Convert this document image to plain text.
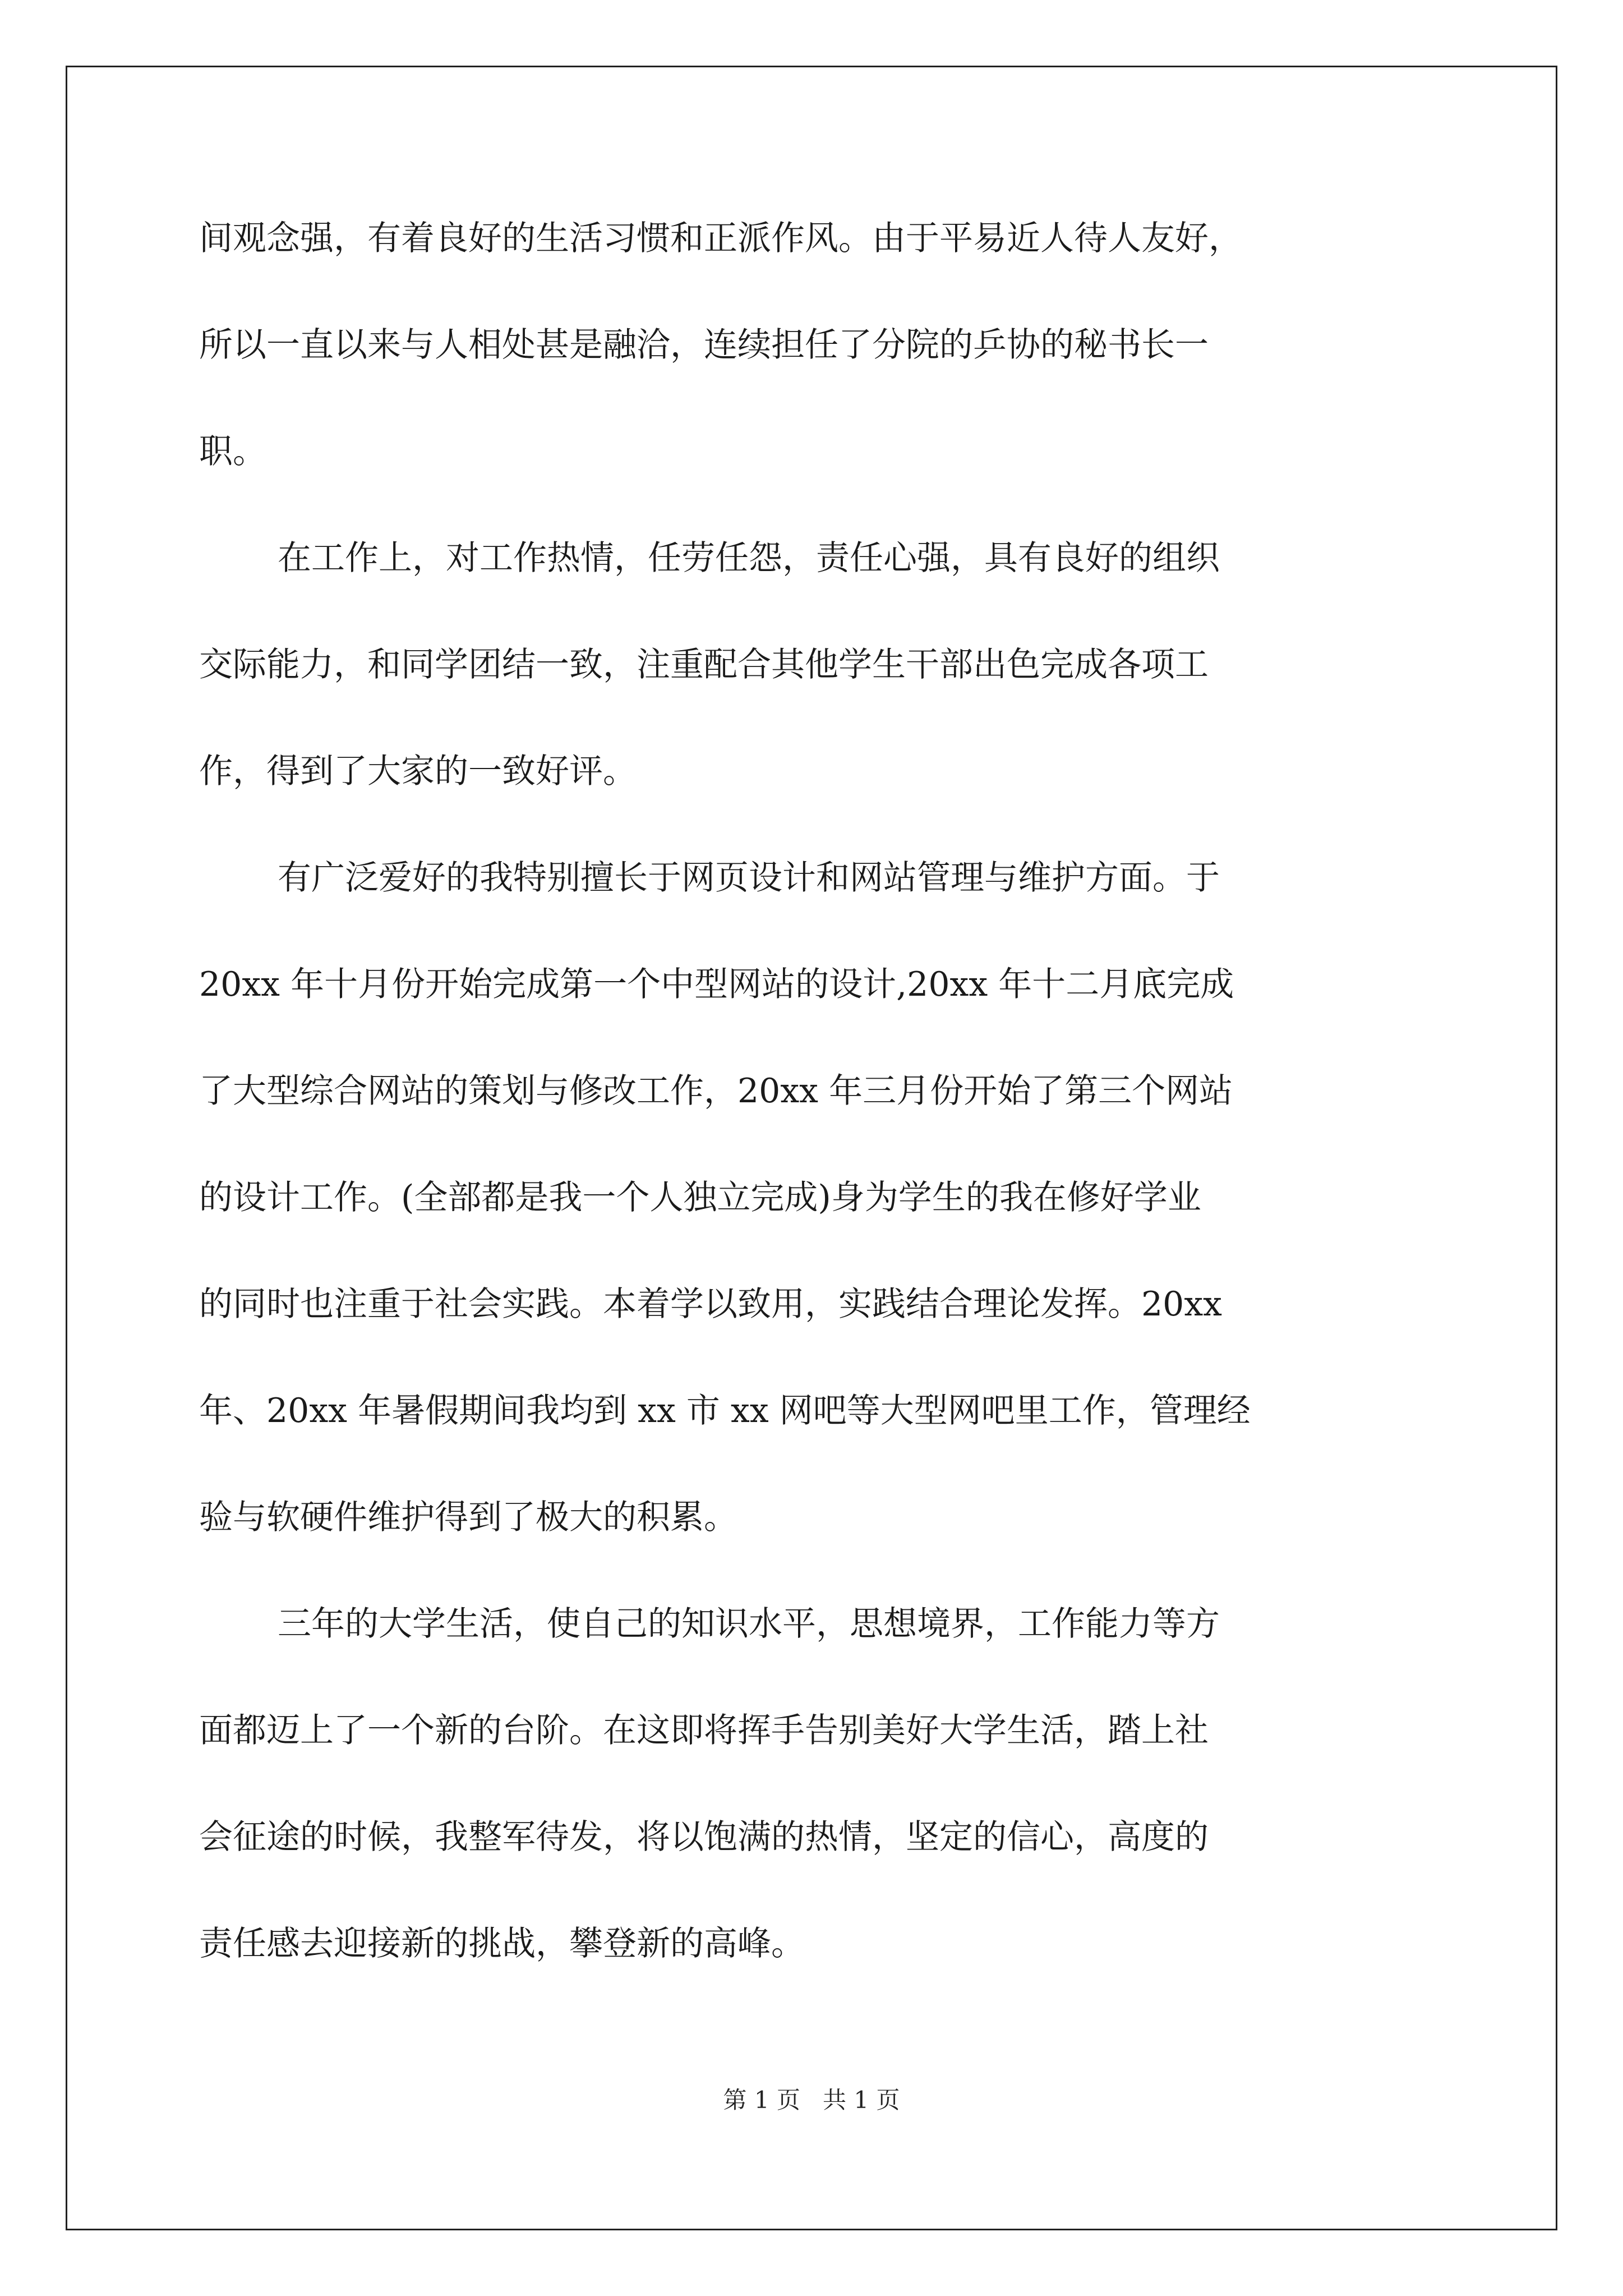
间观念强，有着良好的生活习惯和正派作风。由于平易近人待人友好，
所以一直以来与人相处甚是融洽，连续担任了分院的乒协的秘书长一
职。
在工作上，对工作热情，任劳任怨，责任心强，具有良好的组织
交际能力，和同学团结一致，注重配合其他学生干部出色完成各项工
作，得到了大家的一致好评。
有广泛爱好的我特别擅长于网页设计和网站管理与维护方面。于
20xx 年十月份开始完成第一个中型网站的设计,20xx 年十二月底完成
了大型综合网站的策划与修改工作，20xx 年三月份开始了第三个网站
的设计工作。(全部都是我一个人独立完成)身为学生的我在修好学业
的同时也注重于社会实践。本着学以致用，实践结合理论发挥。20xx
年、20xx 年暑假期间我均到 xx 市 xx 网吧等大型网吧里工作，管理经
验与软硬件维护得到了极大的积累。
三年的大学生活，使自己的知识水平，思想境界，工作能力等方
面都迈上了一个新的台阶。在这即将挥手告别美好大学生活，踏上社
会征途的时候，我整军待发，将以饱满的热情，坚定的信心，高度的
责任感去迎接新的挑战，攀登新的高峰。
第 1 页   共 1 页
